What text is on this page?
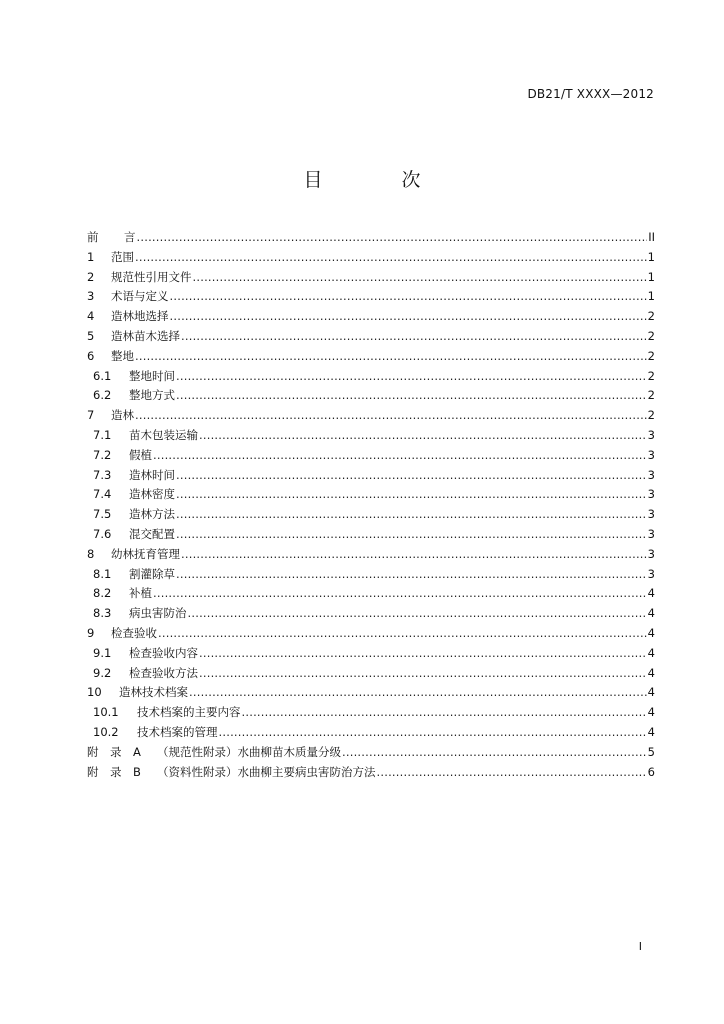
DB21/T XXXX—2012
目　次
前	言 .....	II
1	范围 .....	1
2	规范性引用文件 .....	1
3	术语与定义 .....	1
4	造林地选择 .....	2
5	造林苗木选择 .....	2
6	整地 .....	2
6.1	整地时间 .....	2
6.2	整地方式 .....	2
7	造林 .....	2
7.1	苗木包装运输 .....	3
7.2	假植 .....	3
7.3	造林时间 .....	3
7.4	造林密度 .....	3
7.5	造林方法 .....	3
7.6	混交配置 .....	3
8	幼林抚育管理 .....	3
8.1	割灌除草 .....	3
8.2	补植 .....	4
8.3	病虫害防治 .....	4
9	检查验收 .....	4
9.1	检查验收内容 .....	4
9.2	检查验收方法 .....	4
10	造林技术档案 .....	4
10.1	技术档案的主要内容 .....	4
10.2	技术档案的管理 .....	4
附　录　A	（规范性附录）水曲柳苗木质量分级 .....	5
附　录　B	（资料性附录）水曲柳主要病虫害防治方法 .....	6
I
